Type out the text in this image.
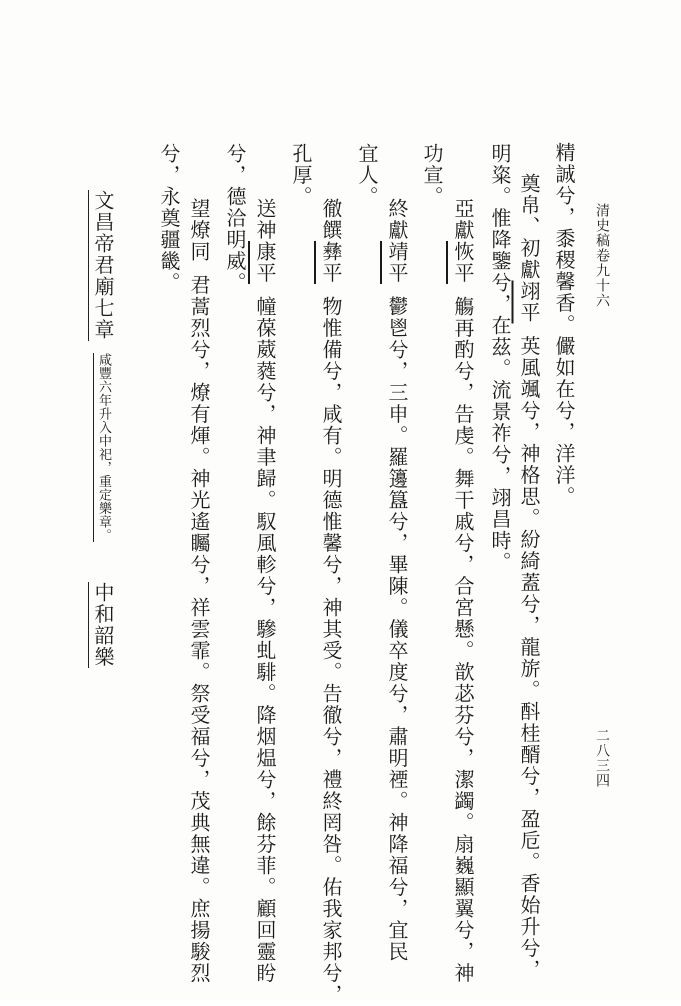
清史稿卷九十六
二八三四
精誠兮，黍稷馨香。儼如在兮，洋洋。
奠帛、初獻翊平英風颯兮，神格思。紛綺蓋兮，龍旂。酙桂醑兮，盈卮。香始升兮，
明粢。惟降鑒兮，在茲。流景祚兮，翊昌時。
亞獻恢平觴再酌兮，告虔。舞干戚兮，合宮懸。歆苾芬兮，潔蠲。扇巍顯翼兮，神
功宣。
終獻靖平鬱鬯兮，三申。羅籩簋兮，畢陳。儀卒度兮，肅明禋。神降福兮，宜民
宜人。
徹饌彝平物惟備兮，咸有。明德惟馨兮，神其受。告徹兮，禮終罔咎。佑我家邦兮，
孔厚。
送神康平幢葆葳蕤兮，神聿歸。馭風軫兮，驂虬騑。降烟煴兮，餘芬菲。顧回靈盻
兮，德洽明威。
望燎同君蒿烈兮，燎有煇。神光遙矚兮，祥雲霏。祭受福兮，茂典無違。庶揚駿烈
兮，永奠疆畿。
文昌帝君廟七章咸豐六年升入中祀，重定樂章。中和韶樂
